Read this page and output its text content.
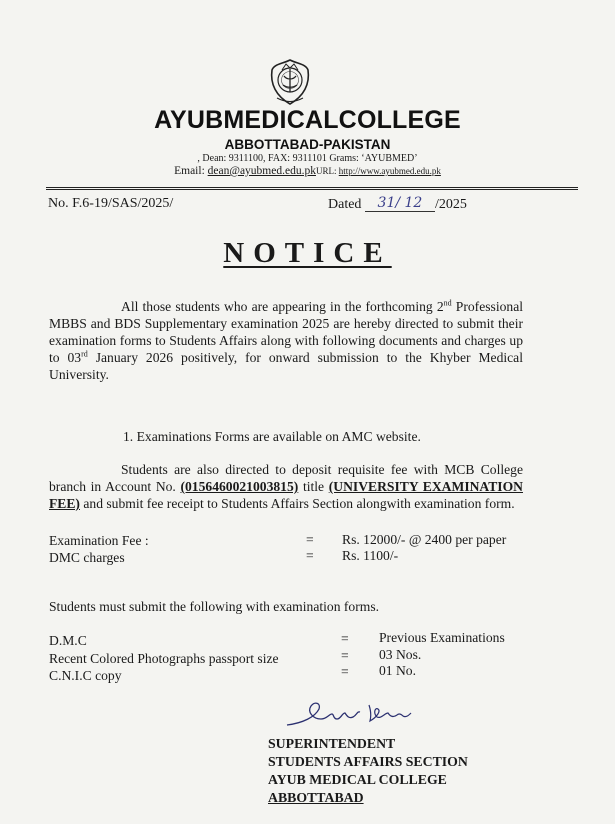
AYUBMEDICALCOLLEGE
ABBOTTABAD-PAKISTAN
, Dean: 9311100, FAX: 9311101 Grams: ‘AYUBMED’
Email: dean@ayubmed.edu.pkURL: http://www.ayubmed.edu.pk
No. F.6-19/SAS/2025/	Dated 31/ 12 /2025
NOTICE
All those students who are appearing in the forthcoming 2nd Professional MBBS and BDS Supplementary examination 2025 are hereby directed to submit their examination forms to Students Affairs along with following documents and charges up to 03rd January 2026 positively, for onward submission to the Khyber Medical University.
1. Examinations Forms are available on AMC website.
Students are also directed to deposit requisite fee with MCB College branch in Account No. (0156460021003815) title (UNIVERSITY EXAMINATION FEE) and submit fee receipt to Students Affairs Section alongwith examination form.
Examination Fee :	= Rs. 12000/- @ 2400 per paper
DMC charges	= Rs. 1100/-
Students must submit the following with examination forms.
D.M.C	= Previous Examinations
Recent Colored Photographs passport size	= 03 Nos.
C.N.I.C copy	= 01 No.
SUPERINTENDENT
STUDENTS AFFAIRS SECTION
AYUB MEDICAL COLLEGE
ABBOTTABAD
